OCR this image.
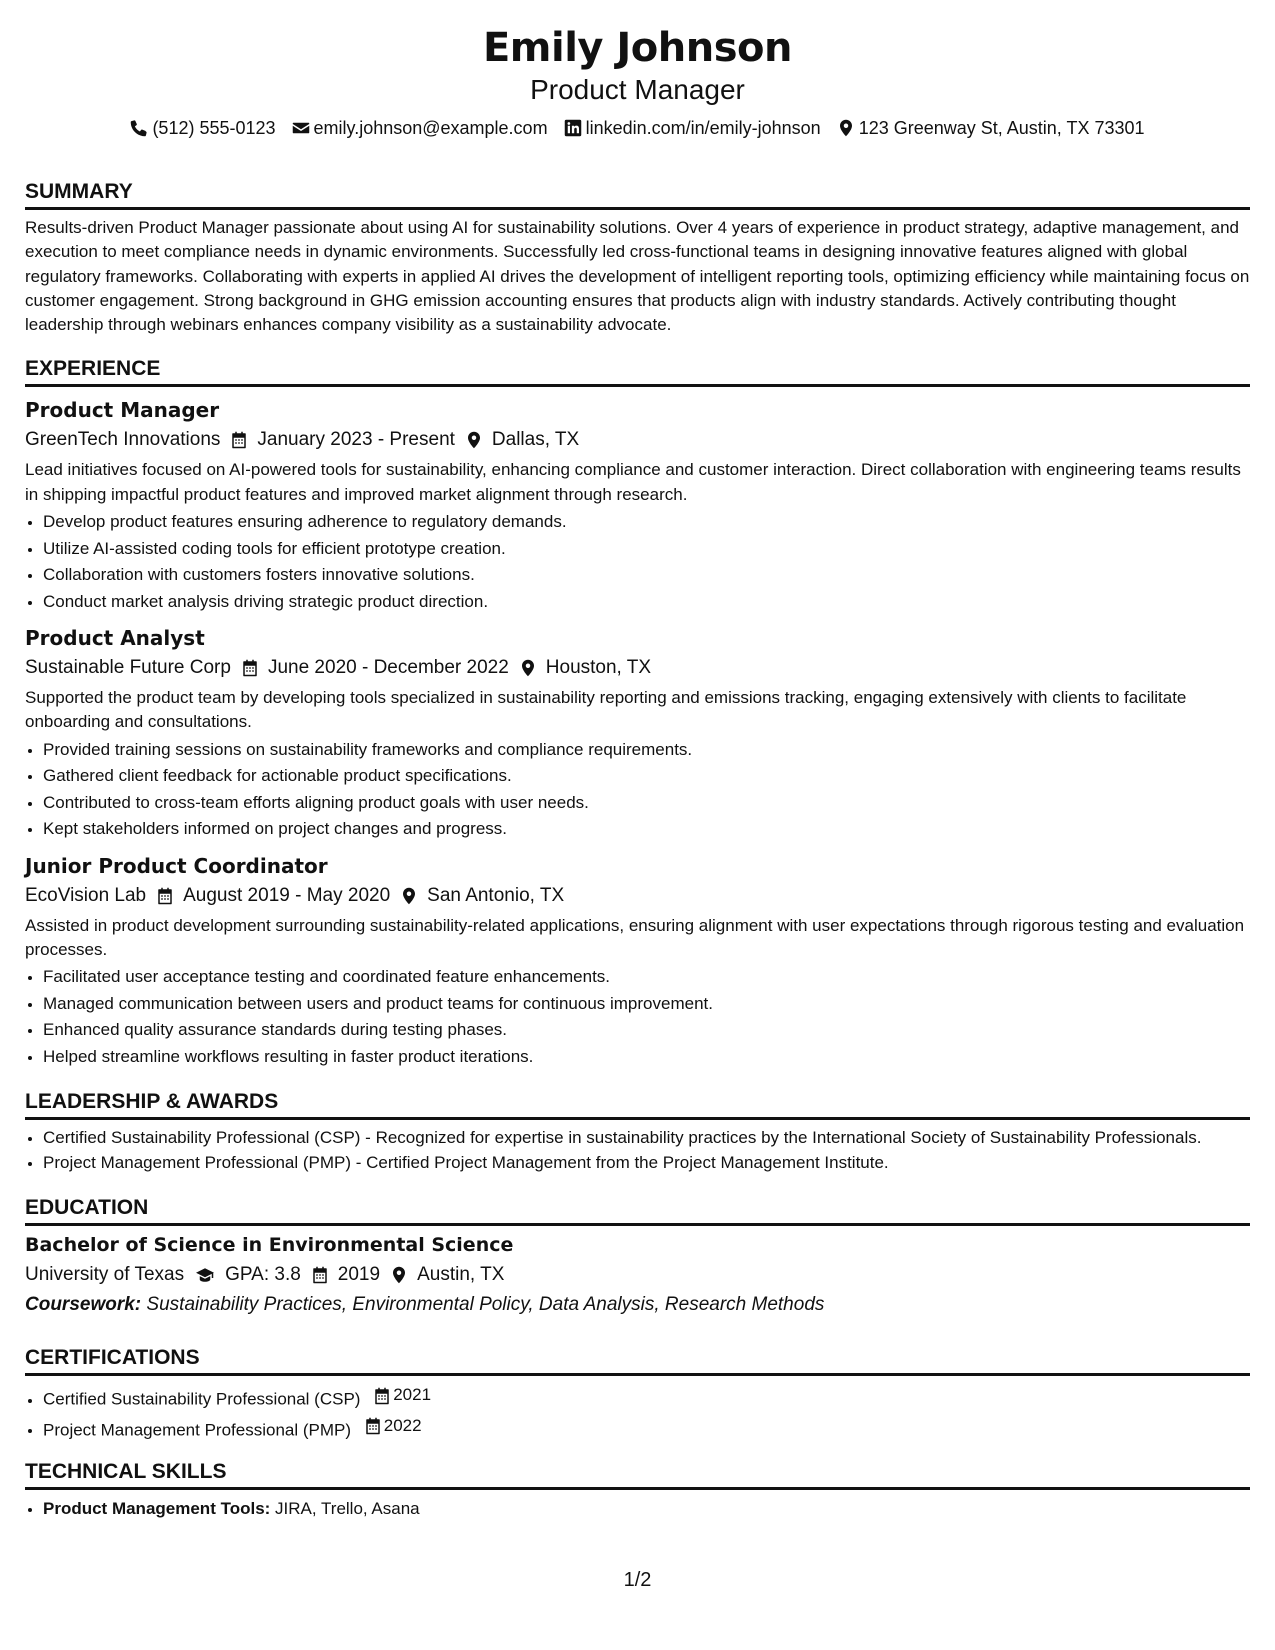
Emily Johnson
Product Manager
(512) 555-0123 emily.johnson@example.com linkedin.com/in/emily-johnson 123 Greenway St, Austin, TX 73301
SUMMARY

Results-driven Product Manager passionate about using AI for sustainability solutions. Over 4 years of experience in product strategy, adaptive management, and execution to meet compliance needs in dynamic environments. Successfully led cross-functional teams in designing innovative features aligned with global regulatory frameworks. Collaborating with experts in applied AI drives the development of intelligent reporting tools, optimizing efficiency while maintaining focus on customer engagement. Strong background in GHG emission accounting ensures that products align with industry standards. Actively contributing thought leadership through webinars enhances company visibility as a sustainability advocate.

EXPERIENCE
Product Manager
GreenTech Innovations January 2023 - Present Dallas, TX

Lead initiatives focused on AI-powered tools for sustainability, enhancing compliance and customer interaction. Direct collaboration with engineering teams results in shipping impactful product features and improved market alignment through research.

• Develop product features ensuring adherence to regulatory demands.
• Utilize AI-assisted coding tools for efficient prototype creation.
• Collaboration with customers fosters innovative solutions.
• Conduct market analysis driving strategic product direction.
Product Analyst
Sustainable Future Corp June 2020 - December 2022 Houston, TX

Supported the product team by developing tools specialized in sustainability reporting and emissions tracking, engaging extensively with clients to facilitate onboarding and consultations.

• Provided training sessions on sustainability frameworks and compliance requirements.
• Gathered client feedback for actionable product specifications.
• Contributed to cross-team efforts aligning product goals with user needs.
• Kept stakeholders informed on project changes and progress.
Junior Product Coordinator
EcoVision Lab August 2019 - May 2020 San Antonio, TX

Assisted in product development surrounding sustainability-related applications, ensuring alignment with user expectations through rigorous testing and evaluation processes.

• Facilitated user acceptance testing and coordinated feature enhancements.
• Managed communication between users and product teams for continuous improvement.
• Enhanced quality assurance standards during testing phases.
• Helped streamline workflows resulting in faster product iterations.
LEADERSHIP & AWARDS
• Certified Sustainability Professional (CSP) - Recognized for expertise in sustainability practices by the International Society of Sustainability Professionals.
• Project Management Professional (PMP) - Certified Project Management from the Project Management Institute.
EDUCATION
Bachelor of Science in Environmental Science
University of Texas GPA: 3.8 2019 Austin, TX
Coursework: Sustainability Practices, Environmental Policy, Data Analysis, Research Methods
CERTIFICATIONS
• Certified Sustainability Professional (CSP) 2021
• Project Management Professional (PMP) 2022
TECHNICAL SKILLS
• Product Management Tools: JIRA, Trello, Asana
1/2
